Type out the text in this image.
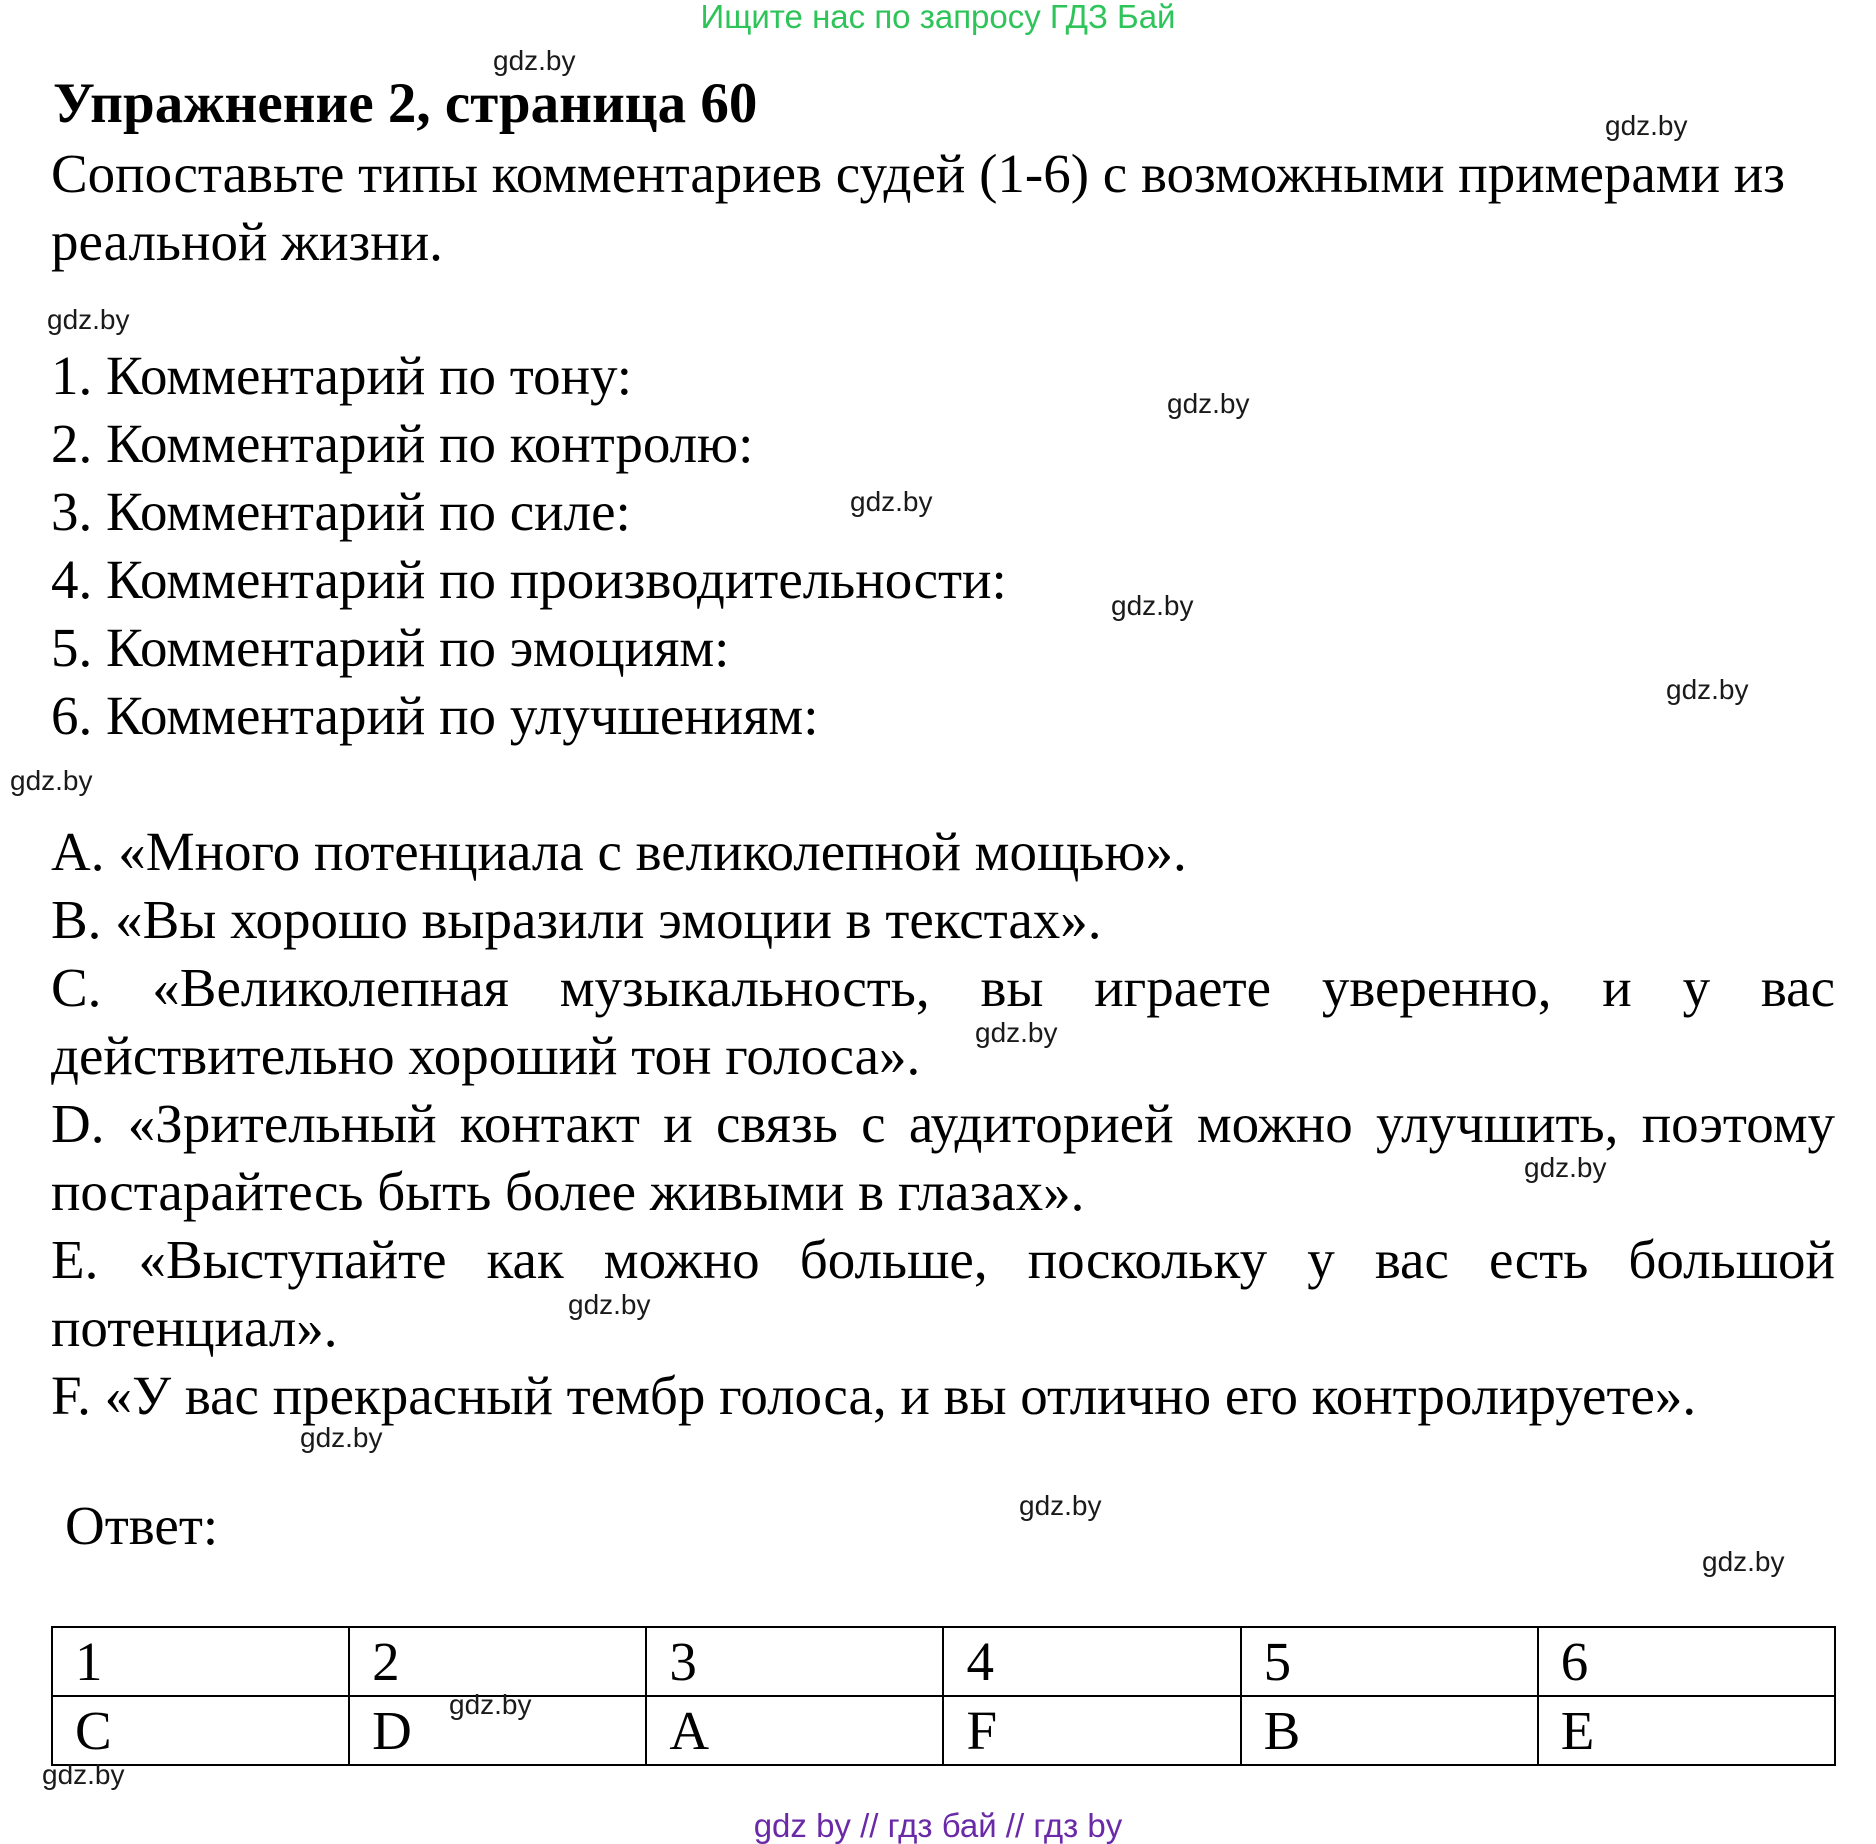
Ищите нас по запросу ГДЗ Бай
Упражнение 2, страница 60

Сопоставьте типы комментариев судей (1-6) с возможными примерами из реальной жизни.

1. Комментарий по тону:
2. Комментарий по контролю:
3. Комментарий по силе:
4. Комментарий по производительности:
5. Комментарий по эмоциям:
6. Комментарий по улучшениям:
A. «Много потенциала с великолепной мощью».
B. «Вы хорошо выразили эмоции в текстах».
C. «Великолепная музыкальность, вы играете уверенно, и у вас действительно хороший тон голоса».
D. «Зрительный контакт и связь с аудиторией можно улучшить, поэтому постарайтесь быть более живыми в глазах».
E. «Выступайте как можно больше, поскольку у вас есть большой потенциал».
F. «У вас прекрасный тембр голоса, и вы отлично его контролируете».
Ответ:
1	2	3	4	5	6
C	D	A	F	B	E
gdz.by
gdz.by
gdz.by
gdz.by
gdz.by
gdz.by
gdz.by
gdz.by
gdz.by
gdz.by
gdz.by
gdz.by
gdz.by
gdz.by
gdz.by
gdz.by
gdz by // гдз бай // гдз by
